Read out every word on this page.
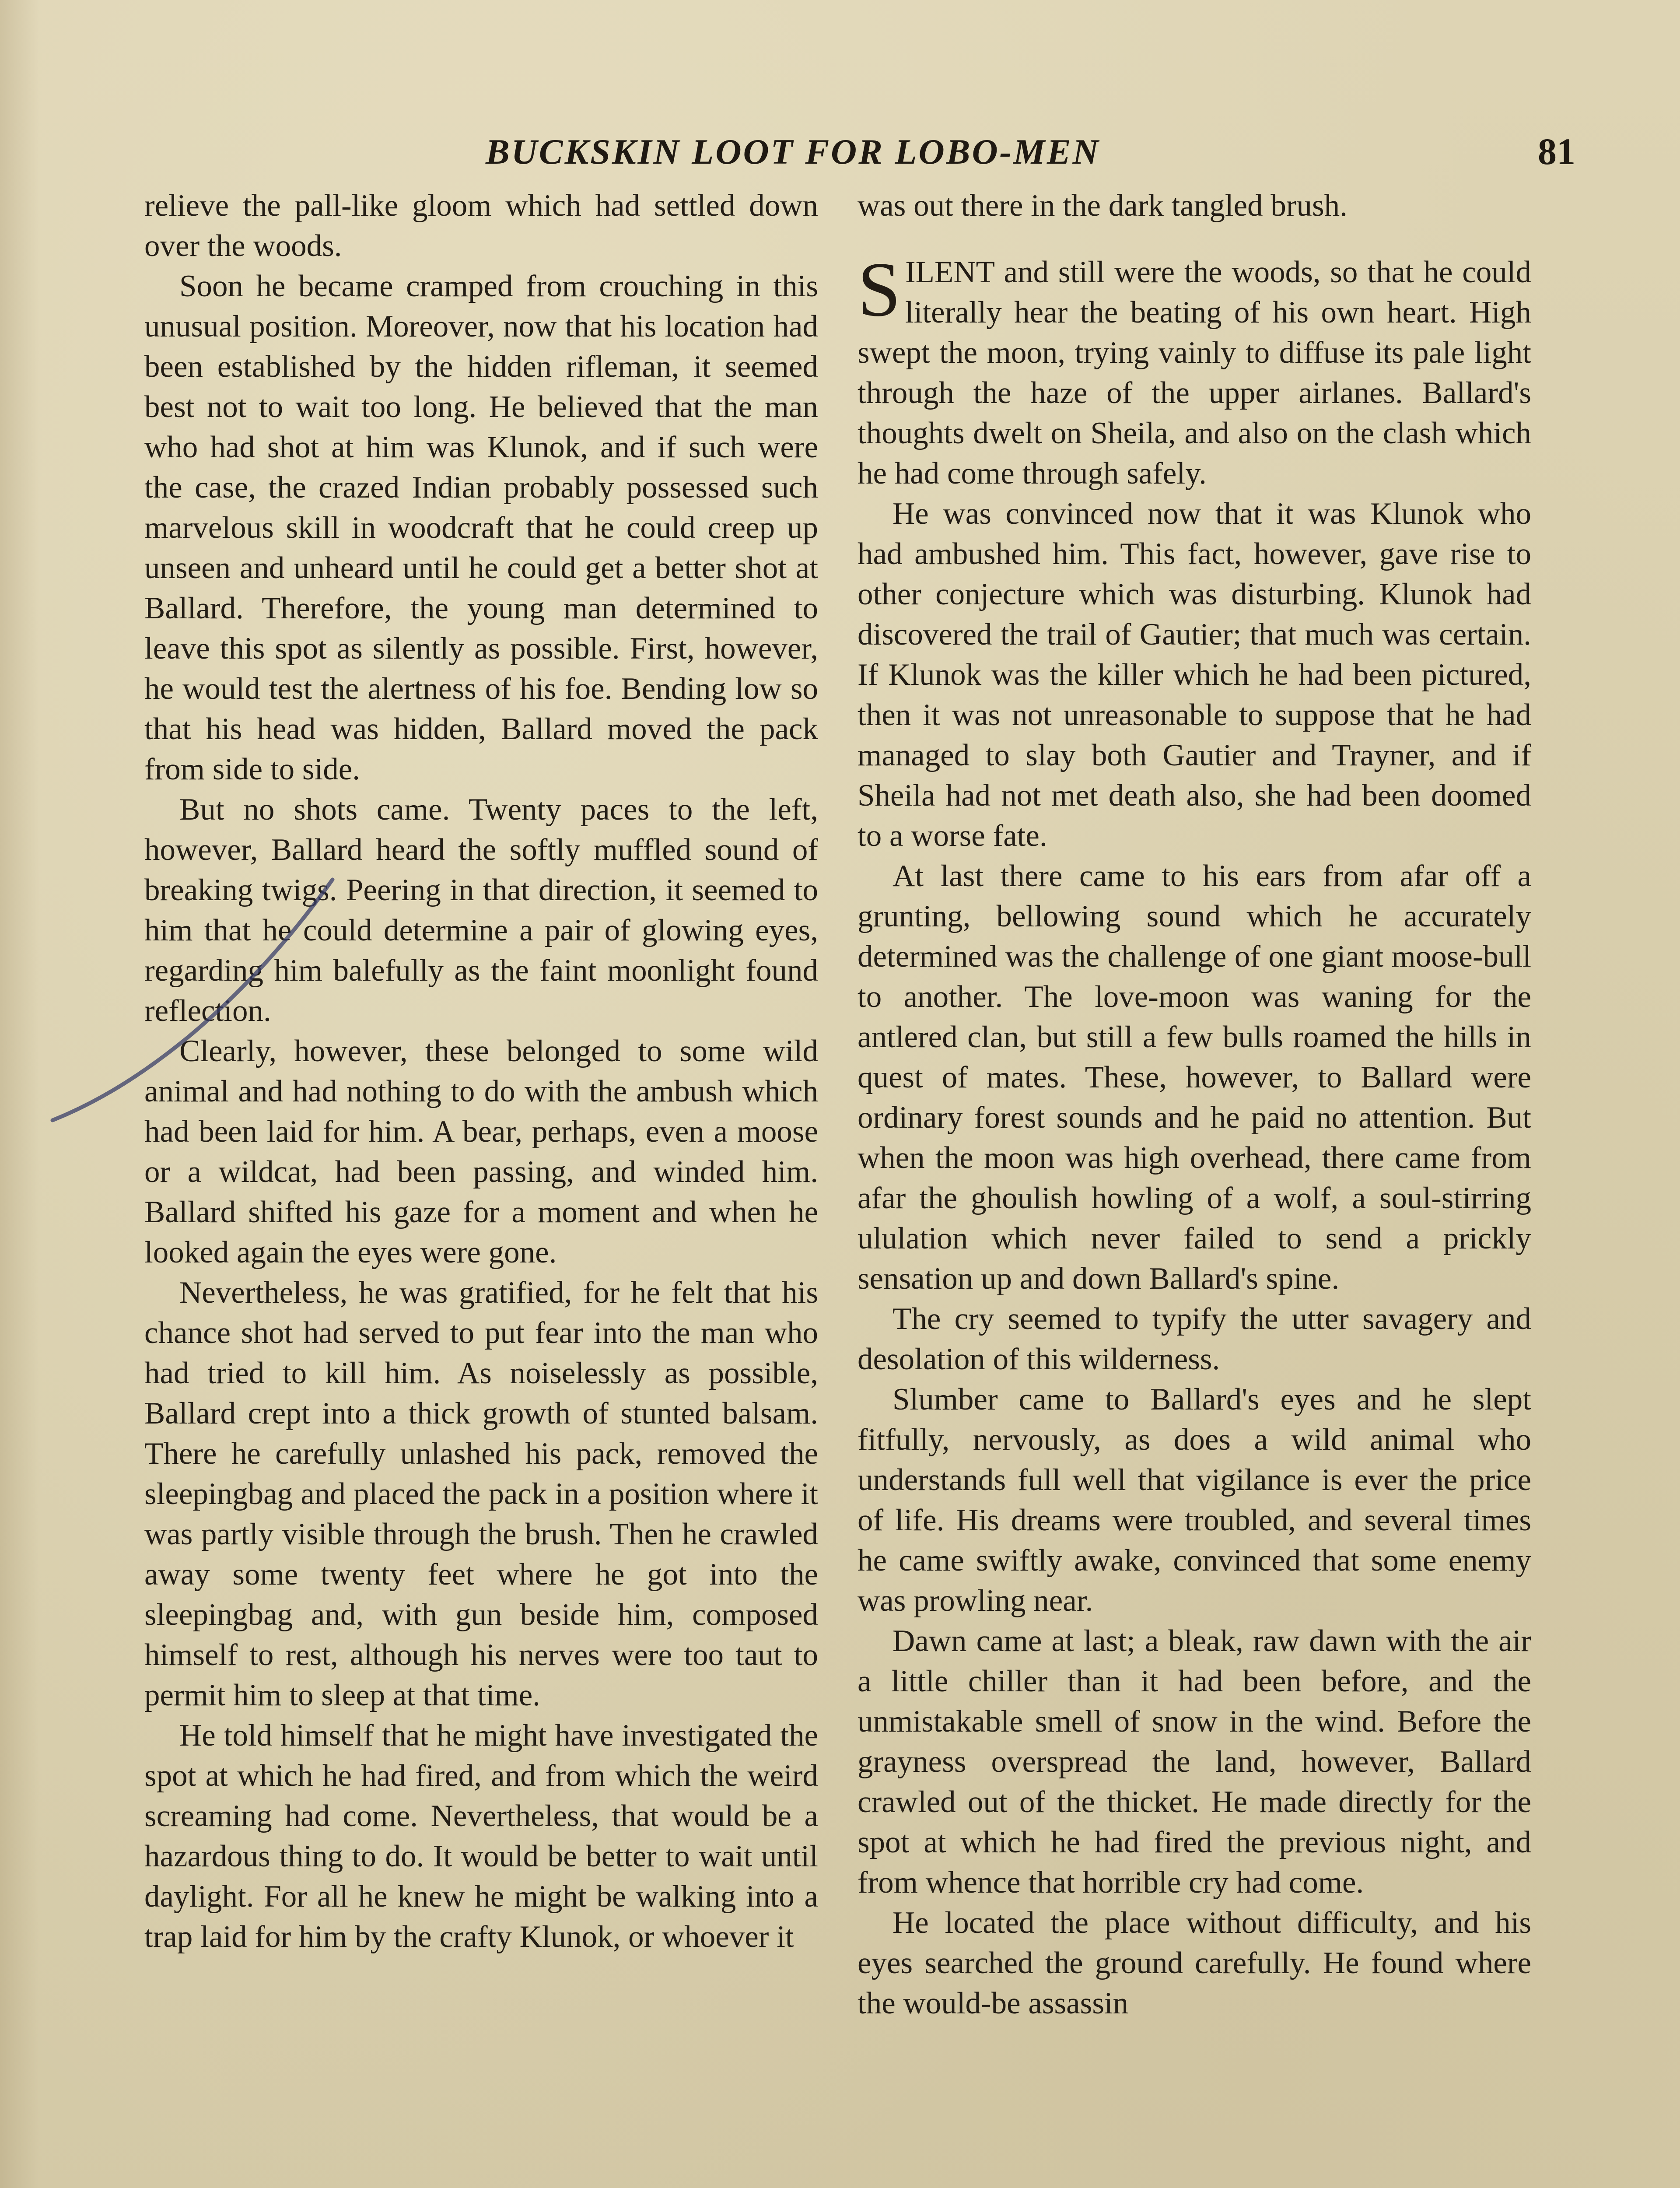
BUCKSKIN LOOT FOR LOBO-MEN	81

relieve the pall-like gloom which had settled down over the woods.

Soon he became cramped from crouching in this unusual position. Moreover, now that his location had been established by the hidden rifleman, it seemed best not to wait too long. He believed that the man who had shot at him was Klunok, and if such were the case, the crazed Indian probably possessed such marvelous skill in woodcraft that he could creep up unseen and unheard until he could get a better shot at Ballard. Therefore, the young man determined to leave this spot as silently as possible. First, however, he would test the alertness of his foe. Bending low so that his head was hidden, Ballard moved the pack from side to side.

But no shots came. Twenty paces to the left, however, Ballard heard the softly muffled sound of breaking twigs. Peering in that direction, it seemed to him that he could determine a pair of glowing eyes, regarding him balefully as the faint moonlight found reflection.

Clearly, however, these belonged to some wild animal and had nothing to do with the ambush which had been laid for him. A bear, perhaps, even a moose or a wildcat, had been passing, and winded him. Ballard shifted his gaze for a moment and when he looked again the eyes were gone.

Nevertheless, he was gratified, for he felt that his chance shot had served to put fear into the man who had tried to kill him. As noiselessly as possible, Ballard crept into a thick growth of stunted balsam. There he carefully unlashed his pack, removed the sleepingbag and placed the pack in a position where it was partly visible through the brush. Then he crawled away some twenty feet where he got into the sleepingbag and, with gun beside him, composed himself to rest, although his nerves were too taut to permit him to sleep at that time.

He told himself that he might have investigated the spot at which he had fired, and from which the weird screaming had come. Nevertheless, that would be a hazardous thing to do. It would be better to wait until daylight. For all he knew he might be walking into a trap laid for him by the crafty Klunok, or whoever it

was out there in the dark tangled brush.

SILENT and still were the woods, so that he could literally hear the beating of his own heart. High swept the moon, trying vainly to diffuse its pale light through the haze of the upper airlanes. Ballard's thoughts dwelt on Sheila, and also on the clash which he had come through safely.

He was convinced now that it was Klunok who had ambushed him. This fact, however, gave rise to other conjecture which was disturbing. Klunok had discovered the trail of Gautier; that much was certain. If Klunok was the killer which he had been pictured, then it was not unreasonable to suppose that he had managed to slay both Gautier and Trayner, and if Sheila had not met death also, she had been doomed to a worse fate.

At last there came to his ears from afar off a grunting, bellowing sound which he accurately determined was the challenge of one giant moose-bull to another. The love-moon was waning for the antlered clan, but still a few bulls roamed the hills in quest of mates. These, however, to Ballard were ordinary forest sounds and he paid no attention. But when the moon was high overhead, there came from afar the ghoulish howling of a wolf, a soul-stirring ululation which never failed to send a prickly sensation up and down Ballard's spine.

The cry seemed to typify the utter savagery and desolation of this wilderness.

Slumber came to Ballard's eyes and he slept fitfully, nervously, as does a wild animal who understands full well that vigilance is ever the price of life. His dreams were troubled, and several times he came swiftly awake, convinced that some enemy was prowling near.

Dawn came at last; a bleak, raw dawn with the air a little chiller than it had been before, and the unmistakable smell of snow in the wind. Before the grayness overspread the land, however, Ballard crawled out of the thicket. He made directly for the spot at which he had fired the previous night, and from whence that horrible cry had come.

He located the place without difficulty, and his eyes searched the ground carefully. He found where the would-be assassin
